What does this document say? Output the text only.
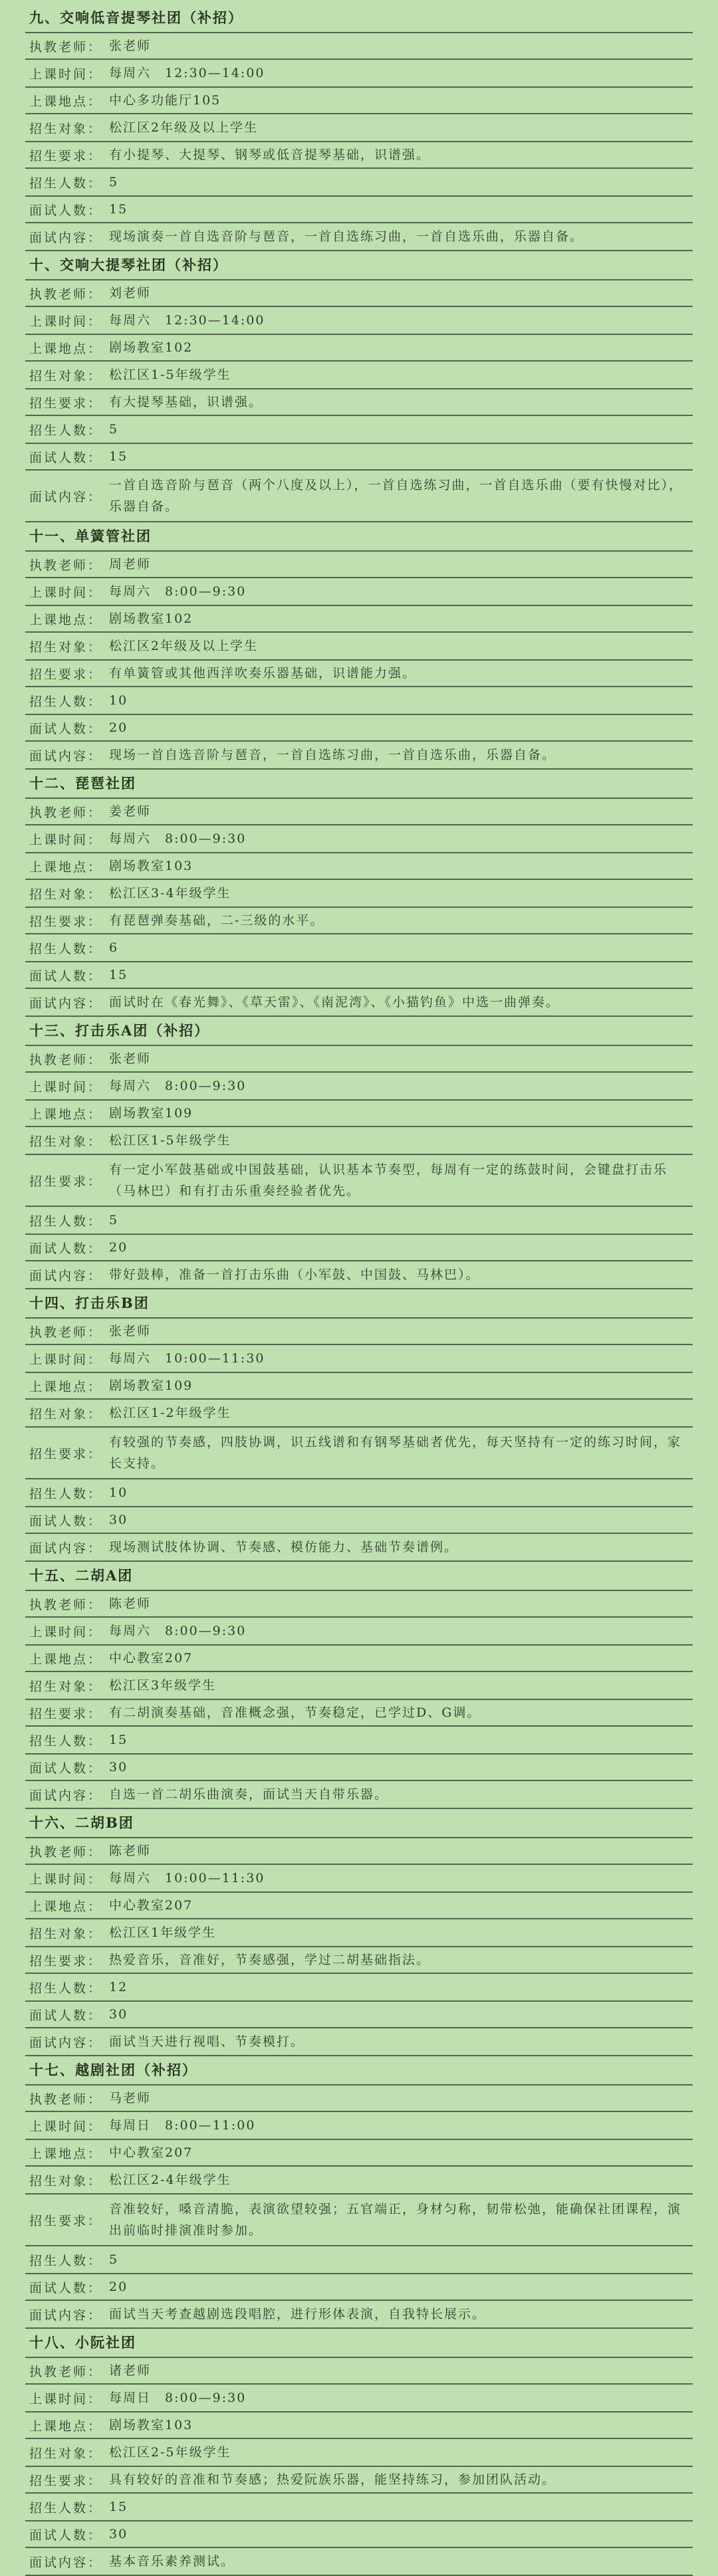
九、交响低音提琴社团（补招）
执教老师： 张老师
上课时间： 每周六　12:30—14:00
上课地点： 中心多功能厅105
招生对象： 松江区2年级及以上学生
招生要求： 有小提琴、大提琴、钢琴或低音提琴基础，识谱强。
招生人数： 5
面试人数： 15
面试内容： 现场演奏一首自选音阶与琶音，一首自选练习曲，一首自选乐曲，乐器自备。
十、交响大提琴社团（补招）
执教老师： 刘老师
上课时间： 每周六　12:30—14:00
上课地点： 剧场教室102
招生对象： 松江区1-5年级学生
招生要求： 有大提琴基础，识谱强。
招生人数： 5
面试人数： 15
面试内容：
一首自选音阶与琶音（两个八度及以上），一首自选练习曲，一首自选乐曲（要有快慢对比），乐器自备。
十一、单簧管社团
执教老师： 周老师
上课时间： 每周六　8:00—9:30
上课地点： 剧场教室102
招生对象： 松江区2年级及以上学生
招生要求： 有单簧管或其他西洋吹奏乐器基础，识谱能力强。
招生人数： 10
面试人数： 20
面试内容： 现场一首自选音阶与琶音，一首自选练习曲，一首自选乐曲，乐器自备。
十二、琵琶社团
执教老师： 姜老师
上课时间： 每周六　8:00—9:30
上课地点： 剧场教室103
招生对象： 松江区3-4年级学生
招生要求： 有琵琶弹奏基础，二-三级的水平。
招生人数： 6
面试人数： 15
面试内容： 面试时在《春光舞》、《草天雷》、《南泥湾》、《小猫钓鱼》中选一曲弹奏。
十三、打击乐A团（补招）
执教老师： 张老师
上课时间： 每周六　8:00—9:30
上课地点： 剧场教室109
招生对象： 松江区1-5年级学生
招生要求：
有一定小军鼓基础或中国鼓基础，认识基本节奏型，每周有一定的练鼓时间，会键盘打击乐（马林巴）和有打击乐重奏经验者优先。
招生人数： 5
面试人数： 20
面试内容： 带好鼓棒，准备一首打击乐曲（小军鼓、中国鼓、马林巴）。
十四、打击乐B团
执教老师： 张老师
上课时间： 每周六　10:00—11:30
上课地点： 剧场教室109
招生对象： 松江区1-2年级学生
招生要求：
有较强的节奏感，四肢协调，识五线谱和有钢琴基础者优先，每天坚持有一定的练习时间，家长支持。
招生人数： 10
面试人数： 30
面试内容： 现场测试肢体协调、节奏感、模仿能力、基础节奏谱例。
十五、二胡A团
执教老师： 陈老师
上课时间： 每周六　8:00—9:30
上课地点： 中心教室207
招生对象： 松江区3年级学生
招生要求： 有二胡演奏基础，音准概念强，节奏稳定，已学过D、G调。
招生人数： 15
面试人数： 30
面试内容： 自选一首二胡乐曲演奏，面试当天自带乐器。
十六、二胡B团
执教老师： 陈老师
上课时间： 每周六　10:00—11:30
上课地点： 中心教室207
招生对象： 松江区1年级学生
招生要求： 热爱音乐，音准好，节奏感强，学过二胡基础指法。
招生人数： 12
面试人数： 30
面试内容： 面试当天进行视唱、节奏模打。
十七、越剧社团（补招）
执教老师： 马老师
上课时间： 每周日　8:00—11:00
上课地点： 中心教室207
招生对象： 松江区2-4年级学生
招生要求：
音准较好，嗓音清脆，表演欲望较强；五官端正，身材匀称，韧带松弛，能确保社团课程，演出前临时排演准时参加。
招生人数： 5
面试人数： 20
面试内容： 面试当天考查越剧选段唱腔，进行形体表演，自我特长展示。
十八、小阮社团
执教老师： 诸老师
上课时间： 每周日　8:00—9:30
上课地点： 剧场教室103
招生对象： 松江区2-5年级学生
招生要求： 具有较好的音准和节奏感；热爱阮族乐器，能坚持练习，参加团队活动。
招生人数： 15
面试人数： 30
面试内容： 基本音乐素养测试。
